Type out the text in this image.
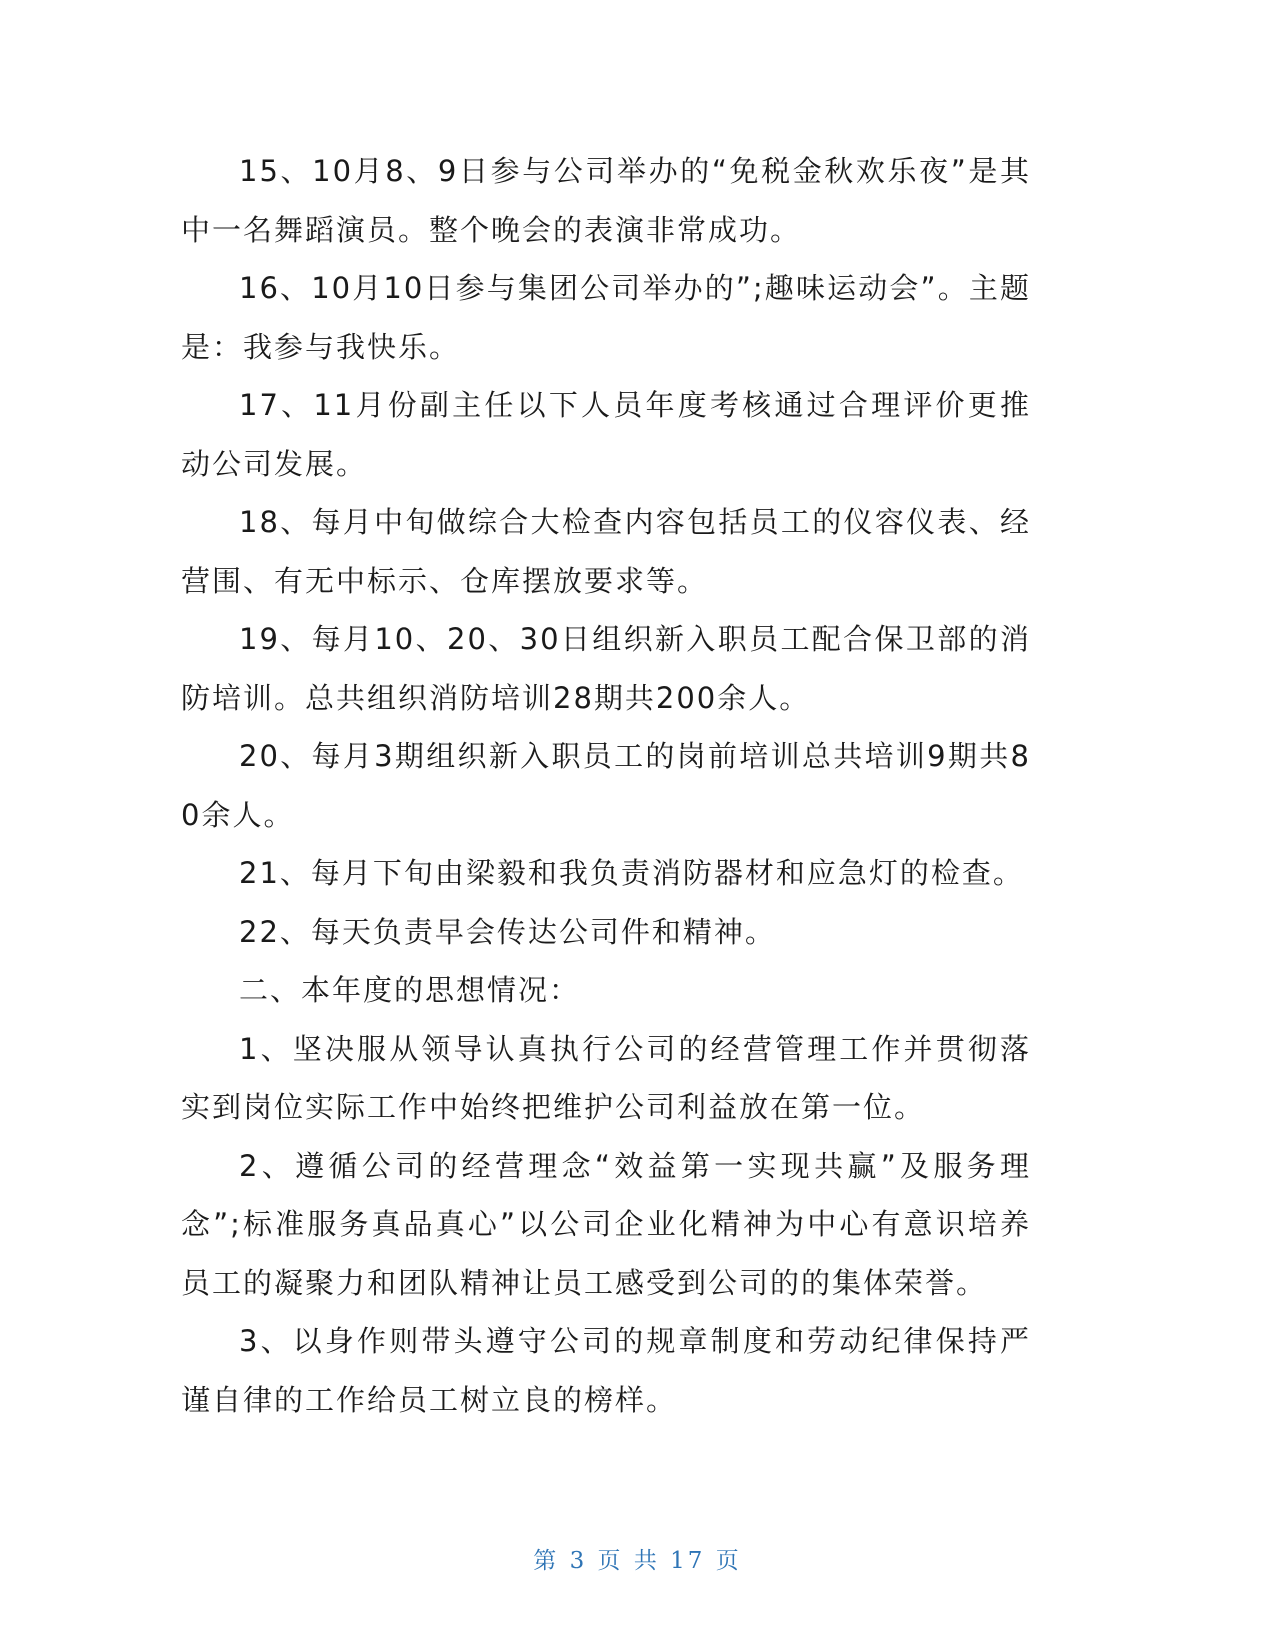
15、10月8、9日参与公司举办的“免税金秋欢乐夜”是其中一名舞蹈演员。整个晚会的表演非常成功。

16、10月10日参与集团公司举办的”;趣味运动会”。主题是：我参与我快乐。

17、11月份副主任以下人员年度考核通过合理评价更推动公司发展。

18、每月中旬做综合大检查内容包括员工的仪容仪表、经营围、有无中标示、仓库摆放要求等。

19、每月10、20、30日组织新入职员工配合保卫部的消防培训。总共组织消防培训28期共200余人。

20、每月3期组织新入职员工的岗前培训总共培训9期共80余人。

21、每月下旬由梁毅和我负责消防器材和应急灯的检查。

22、每天负责早会传达公司件和精神。

二、本年度的思想情况：

1、坚决服从领导认真执行公司的经营管理工作并贯彻落实到岗位实际工作中始终把维护公司利益放在第一位。

2、遵循公司的经营理念“效益第一实现共赢”及服务理念”;标准服务真品真心”以公司企业化精神为中心有意识培养员工的凝聚力和团队精神让员工感受到公司的的集体荣誉。

3、以身作则带头遵守公司的规章制度和劳动纪律保持严谨自律的工作给员工树立良的榜样。

第 3 页 共 17 页
